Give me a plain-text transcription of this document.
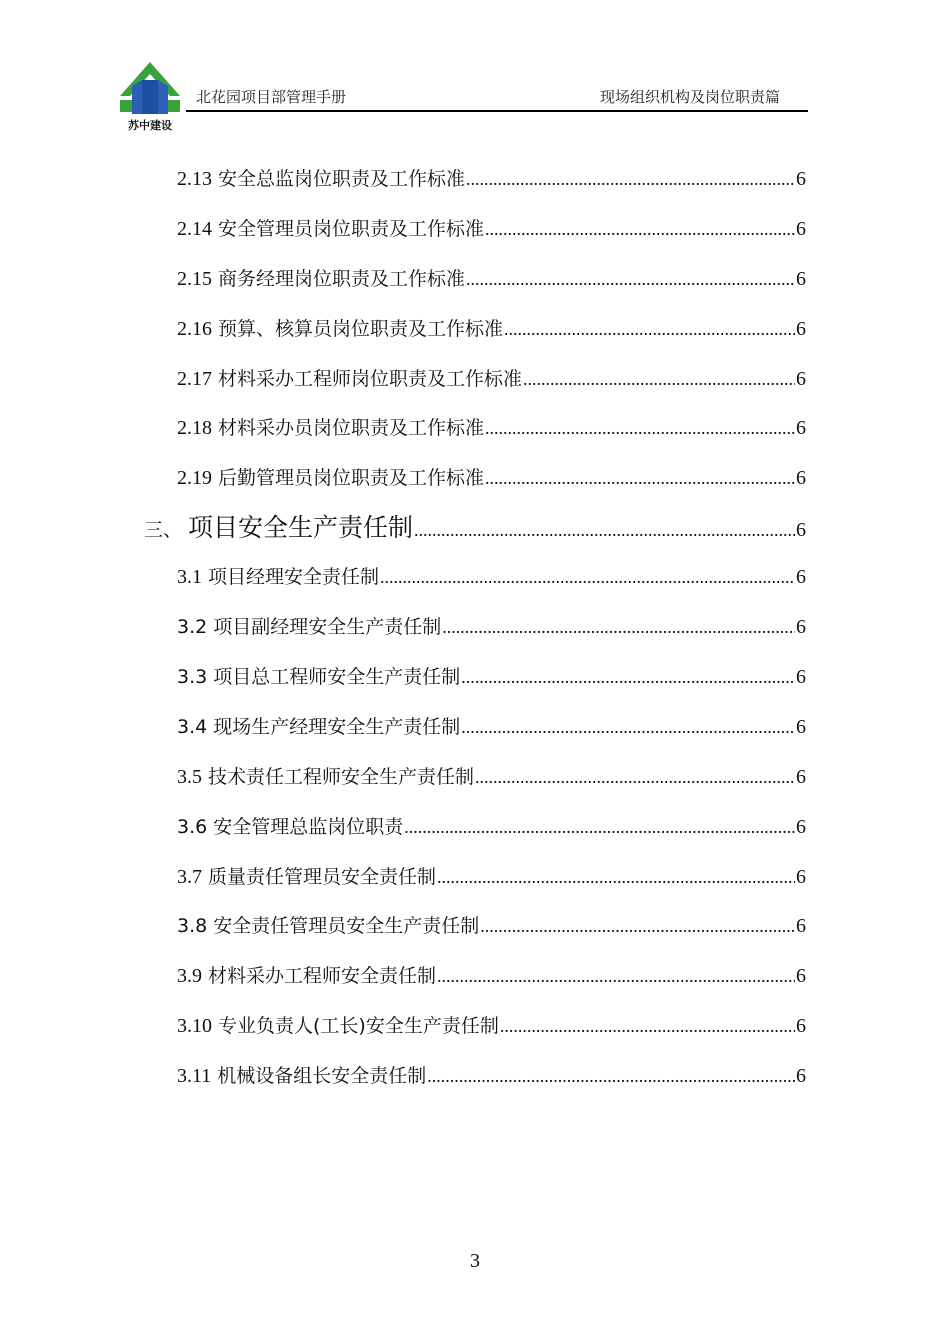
苏中建设
北花园项目部管理手册	现场组织机构及岗位职责篇
2.13 安全总监岗位职责及工作标准 .....	6
2.14 安全管理员岗位职责及工作标准 .....	6
2.15 商务经理岗位职责及工作标准 .....	6
2.16 预算、核算员岗位职责及工作标准 .....	6
2.17 材料采办工程师岗位职责及工作标准 .....	6
2.18 材料采办员岗位职责及工作标准 .....	6
2.19 后勤管理员岗位职责及工作标准 .....	6
三、 项目安全生产责任制 .....	6
3.1 项目经理安全责任制 .....	6
3.2 项目副经理安全生产责任制 .....	6
3.3 项目总工程师安全生产责任制 .....	6
3.4 现场生产经理安全生产责任制 .....	6
3.5 技术责任工程师安全生产责任制 .....	6
3.6 安全管理总监岗位职责 .....	6
3.7 质量责任管理员安全责任制 .....	6
3.8 安全责任管理员安全生产责任制 .....	6
3.9 材料采办工程师安全责任制 .....	6
3.10 专业负责人(工长)安全生产责任制 .....	6
3.11 机械设备组长安全责任制 .....	6
3
